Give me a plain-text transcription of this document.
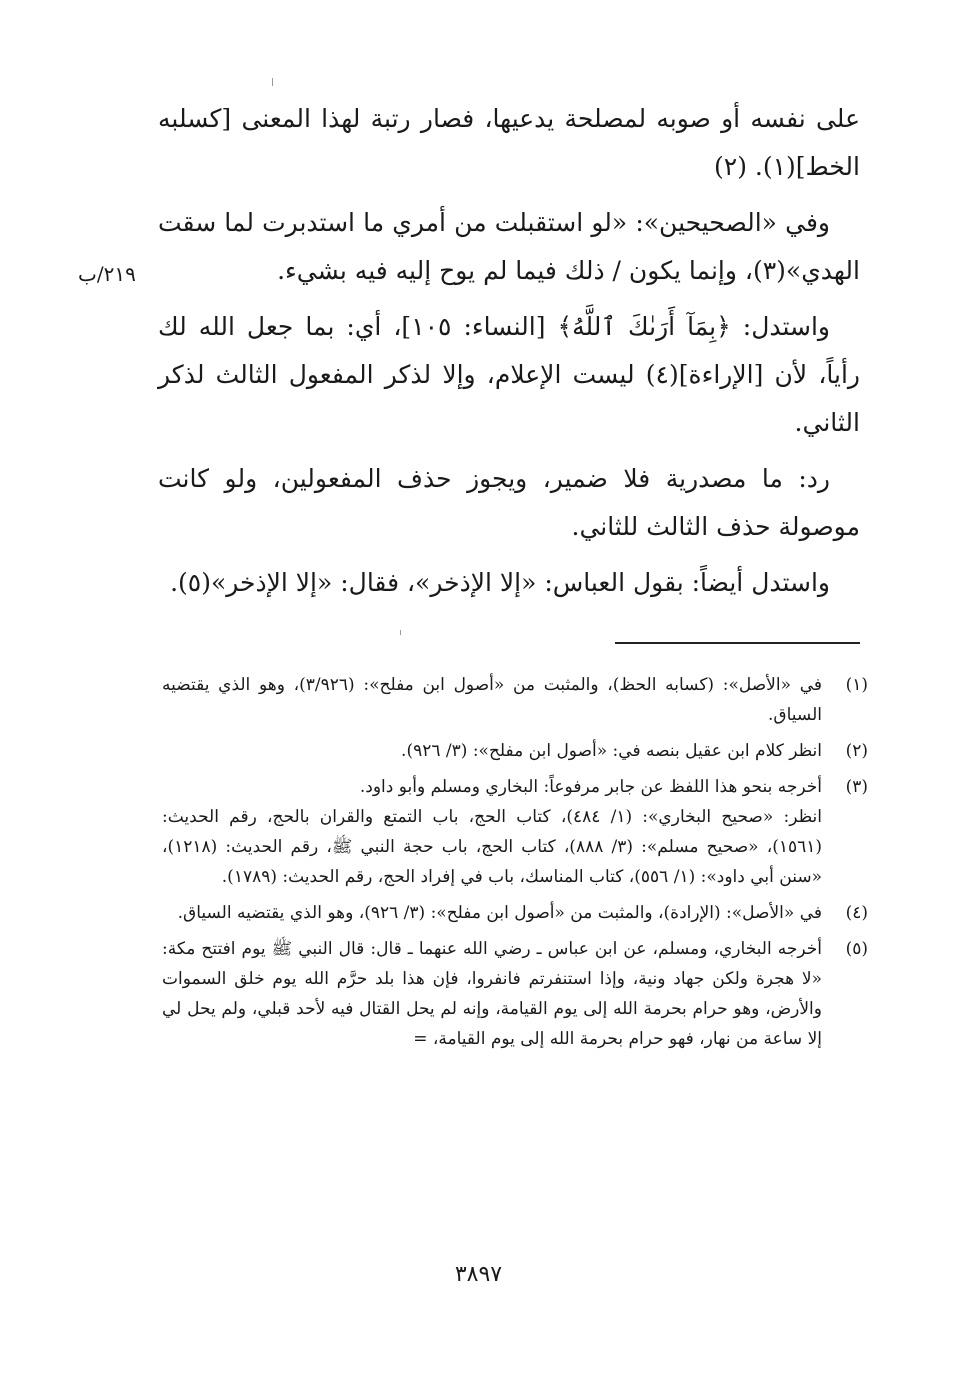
٢١٩/ب

على نفسه أو صوبه لمصلحة يدعيها، فصار رتبة لهذا المعنى [كسلبه الخط](١). (٢)

وفي «الصحيحين»: «لو استقبلت من أمري ما استدبرت لما سقت الهدي»(٣)، وإنما يكون / ذلك فيما لم يوح إليه فيه بشيء.

واستدل: ﴿بِمَآ أَرَىٰكَ ٱللَّهُ﴾ [النساء: ١٠٥]، أي: بما جعل الله لك رأياً، لأن [الإراءة](٤) ليست الإعلام، وإلا لذكر المفعول الثالث لذكر الثاني.

رد: ما مصدرية فلا ضمير، ويجوز حذف المفعولين، ولو كانت موصولة حذف الثالث للثاني.

واستدل أيضاً: بقول العباس: «إلا الإذخر»، فقال: «إلا الإذخر»(٥).

(١)

في «الأصل»: (كسابه الحظ)، والمثبت من «أصول ابن مفلح»: (٣/٩٢٦)، وهو الذي يقتضيه السياق.

(٢)

انظر كلام ابن عقيل بنصه في: «أصول ابن مفلح»: (٣/ ٩٢٦).

(٣)

أخرجه بنحو هذا اللفظ عن جابر مرفوعاً: البخاري ومسلم وأبو داود.

انظر: «صحيح البخاري»: (١/ ٤٨٤)، كتاب الحج، باب التمتع والقران بالحج، رقم الحديث: (١٥٦١)، «صحيح مسلم»: (٣/ ٨٨٨)، كتاب الحج، باب حجة النبي ﷺ، رقم الحديث: (١٢١٨)، «سنن أبي داود»: (١/ ٥٥٦)، كتاب المناسك، باب في إفراد الحج، رقم الحديث: (١٧٨٩).

(٤)

في «الأصل»: (الإرادة)، والمثبت من «أصول ابن مفلح»: (٣/ ٩٢٦)، وهو الذي يقتضيه السياق.

(٥)

أخرجه البخاري، ومسلم، عن ابن عباس ـ رضي الله عنهما ـ قال: قال النبي ﷺ يوم افتتح مكة: «لا هجرة ولكن جهاد ونية، وإذا استنفرتم فانفروا، فإن هذا بلد حرَّم الله يوم خلق السموات والأرض، وهو حرام بحرمة الله إلى يوم القيامة، وإنه لم يحل القتال فيه لأحد قبلي، ولم يحل لي إلا ساعة من نهار، فهو حرام بحرمة الله إلى يوم القيامة، =

٣٨٩٧
